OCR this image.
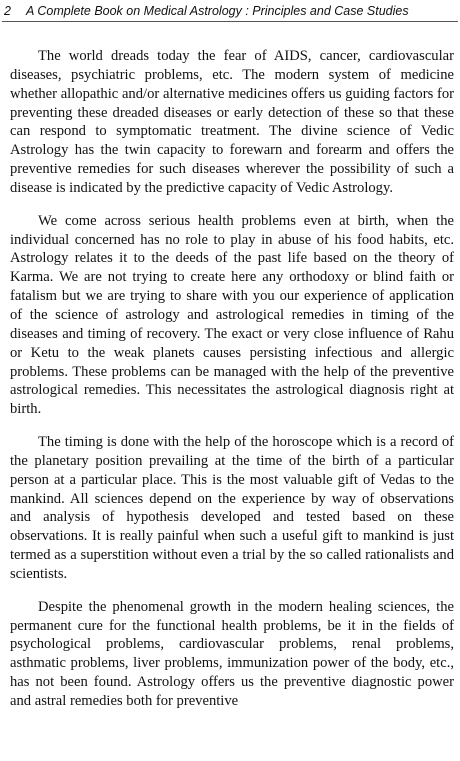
2 A Complete Book on Medical Astrology : Principles and Case Studies

The world dreads today the fear of AIDS, cancer, cardiovascular diseases, psychiatric problems, etc. The modern system of medicine whether allopathic and/or alternative medicines offers us guiding factors for preventing these dreaded diseases or early detection of these so that these can respond to symptomatic treatment. The divine science of Vedic Astrology has the twin capacity to forewarn and forearm and offers the preventive remedies for such diseases wherever the possibility of such a disease is indicated by the predictive capacity of Vedic Astrology.

We come across serious health problems even at birth, when the individual concerned has no role to play in abuse of his food habits, etc. Astrology relates it to the deeds of the past life based on the theory of Karma. We are not trying to create here any orthodoxy or blind faith or fatalism but we are trying to share with you our experience of application of the science of astrology and astrological remedies in timing of the diseases and timing of recovery. The exact or very close influence of Rahu or Ketu to the weak planets causes persisting infectious and allergic problems. These problems can be managed with the help of the preventive astrological remedies. This necessitates the astrological diagnosis right at birth.

The timing is done with the help of the horoscope which is a record of the planetary position prevailing at the time of the birth of a particular person at a particular place. This is the most valuable gift of Vedas to the mankind. All sciences depend on the experience by way of observations and analysis of hypothesis developed and tested based on these observations. It is really painful when such a useful gift to mankind is just termed as a superstition without even a trial by the so called rationalists and scientists.

Despite the phenomenal growth in the modern healing sciences, the permanent cure for the functional health problems, be it in the fields of psychological problems, cardiovascular problems, renal problems, asthmatic problems, liver problems, immunization power of the body, etc., has not been found. Astrology offers us the preventive diagnostic power and astral remedies both for preventive
